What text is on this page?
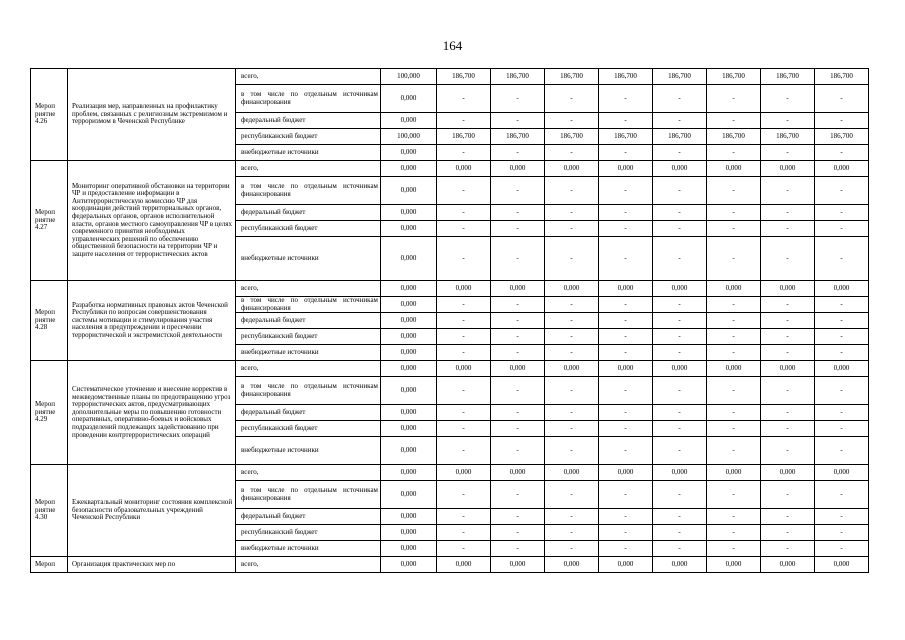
164
Мероп риятие 4.26	Реализация мер, направленных на профилактику проблем, связанных с религиозным экстремизмом и терроризмом в Чеченской Республике	всего,	100,000	186,700	186,700	186,700	186,700	186,700	186,700	186,700	186,700
		в том числе по отдельным источникам финансирования	0,000	-	-	-	-	-	-	-	-
		федеральный бюджет	0,000	-	-	-	-	-	-	-	-
		республиканский бюджет	100,000	186,700	186,700	186,700	186,700	186,700	186,700	186,700	186,700
		внебюджетные источники	0,000	-	-	-	-	-	-	-	-
Мероп риятие 4.27	Мониторинг оперативной обстановки на территории ЧР и предоставление информации в Антитеррористическую комиссию ЧР для координации действий территориальных органов, федеральных органов, органов исполнительной власти, органов местного самоуправления ЧР в целях современного принятия необходимых управленческих решений по обеспечению общественной безопасности на территории ЧР и защите населения от террористических актов	всего,	0,000	0,000	0,000	0,000	0,000	0,000	0,000	0,000	0,000
		в том числе по отдельным источникам финансирования	0,000	-	-	-	-	-	-	-	-
		федеральный бюджет	0,000	-	-	-	-	-	-	-	-
		республиканский бюджет	0,000	-	-	-	-	-	-	-	-
		внебюджетные источники	0,000	-	-	-	-	-	-	-	-
Мероп риятие 4.28	Разработка нормативных правовых актов Чеченской Республики по вопросам совершенствования системы мотивации и стимулирования участия населения в предупреждении и пресечении террористической и экстремистской деятельности	всего,	0,000	0,000	0,000	0,000	0,000	0,000	0,000	0,000	0,000
		в том числе по отдельным источникам финансирования	0,000	-	-	-	-	-	-	-	-
		федеральный бюджет	0,000	-	-	-	-	-	-	-	-
		республиканский бюджет	0,000	-	-	-	-	-	-	-	-
		внебюджетные источники	0,000	-	-	-	-	-	-	-	-
Мероп риятие 4.29	Систематическое уточнение и внесение корректив в межведомственные планы по предотвращению угроз террористических актов, предусматривающих дополнительные меры по повышению готовности оперативных, оперативно-боевых и войсковых подразделений подлежащих задействованию при проведении контртеррористических операций	всего,	0,000	0,000	0,000	0,000	0,000	0,000	0,000	0,000	0,000
		в том числе по отдельным источникам финансирования	0,000	-	-	-	-	-	-	-	-
		федеральный бюджет	0,000	-	-	-	-	-	-	-	-
		республиканский бюджет	0,000	-	-	-	-	-	-	-	-
		внебюджетные источники	0,000	-	-	-	-	-	-	-	-
Мероп риятие 4.30	Ежеквартальный мониторинг состояния комплексной безопасности образовательных учреждений Чеченской Республики	всего,	0,000	0,000	0,000	0,000	0,000	0,000	0,000	0,000	0,000
		в том числе по отдельным источникам финансирования	0,000	-	-	-	-	-	-	-	-
		федеральный бюджет	0,000	-	-	-	-	-	-	-	-
		республиканский бюджет	0,000	-	-	-	-	-	-	-	-
		внебюджетные источники	0,000	-	-	-	-	-	-	-	-
Мероп	Организация практических мер по	всего,	0,000	0,000	0,000	0,000	0,000	0,000	0,000	0,000	0,000
